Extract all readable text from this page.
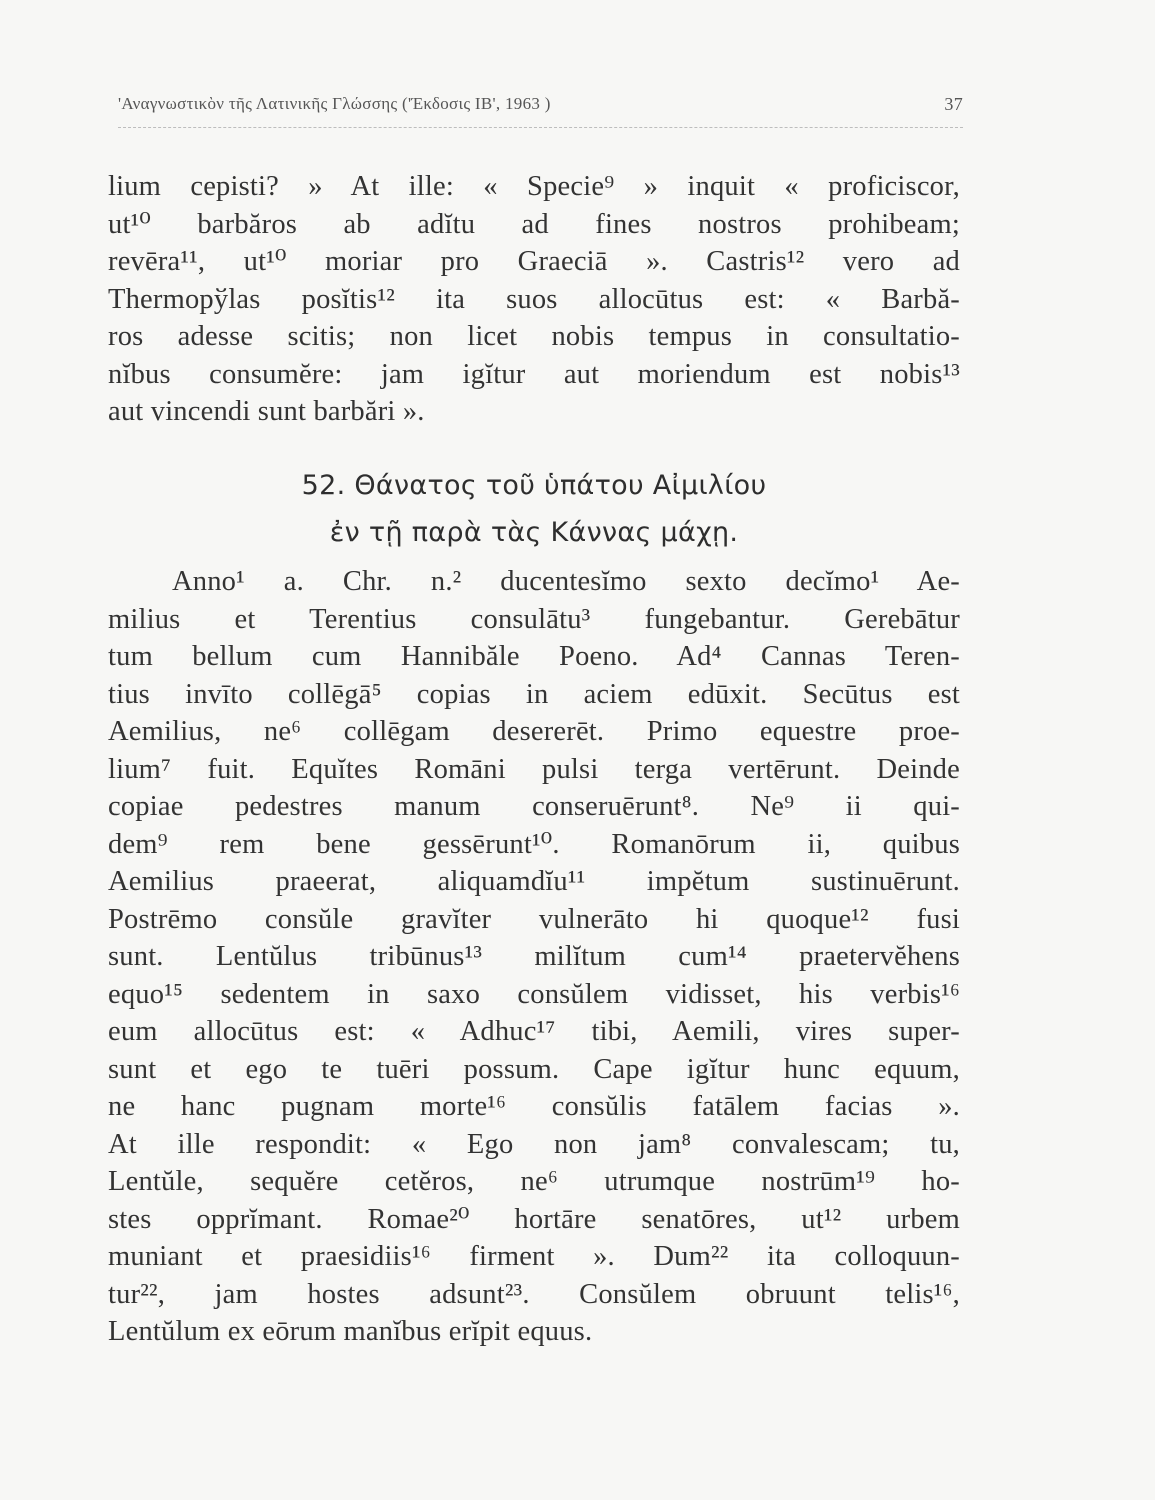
'Αναγνωστικὸν τῆς Λατινικῆς Γλώσσης ('Έκδοσις ΙΒ', 1963 )	37
lium cepisti? » At ille: « Specie⁹ » inquit « proficiscor,
ut¹⁰ barbăros ab adĭtu ad fines nostros prohibeam;
revēra¹¹, ut¹⁰ moriar pro Graeciā ». Castris¹² vero ad
Thermopўlas posĭtis¹² ita suos allocūtus est: « Barbă-
ros adesse scitis; non licet nobis tempus in consultatio-
nĭbus consumĕre: jam igĭtur aut moriendum est nobis¹³
aut vincendi sunt barbări ».
52. Θάνατος τοῦ ὑπάτου Αἰμιλίου
ἐν τῇ παρὰ τὰς Κάννας μάχῃ.
Anno¹ a. Chr. n.² ducentesĭmo sexto decĭmo¹ Ae-
milius et Terentius consulātu³ fungebantur. Gerebātur
tum bellum cum Hannibăle Poeno. Ad⁴ Cannas Teren-
tius invīto collēgā⁵ copias in aciem edūxit. Secūtus est
Aemilius, ne⁶ collēgam desererēt. Primo equestre proe-
lium⁷ fuit. Equĭtes Romāni pulsi terga vertērunt. Deinde
copiae pedestres manum conseruērunt⁸. Ne⁹ ii qui-
dem⁹ rem bene gessērunt¹⁰. Romanōrum ii, quibus
Aemilius praeerat, aliquamdĭu¹¹ impĕtum sustinuērunt.
Postrēmo consŭle gravĭter vulnerāto hi quoque¹² fusi
sunt. Lentŭlus tribūnus¹³ milĭtum cum¹⁴ praetervĕhens
equo¹⁵ sedentem in saxo consŭlem vidisset, his verbis¹⁶
eum allocūtus est: « Adhuc¹⁷ tibi, Aemili, vires super-
sunt et ego te tuēri possum. Cape igĭtur hunc equum,
ne hanc pugnam morte¹⁶ consŭlis fatālem facias ».
At ille respondit: « Ego non jam⁸ convalescam; tu,
Lentŭle, sequĕre cetĕros, ne⁶ utrumque nostrūm¹⁹ ho-
stes opprĭmant. Romae²⁰ hortāre senatōres, ut¹² urbem
muniant et praesidiis¹⁶ firment ». Dum²² ita colloquun-
tur²², jam hostes adsunt²³. Consŭlem obruunt telis¹⁶,
Lentŭlum ex eōrum manĭbus erĭpit equus.
